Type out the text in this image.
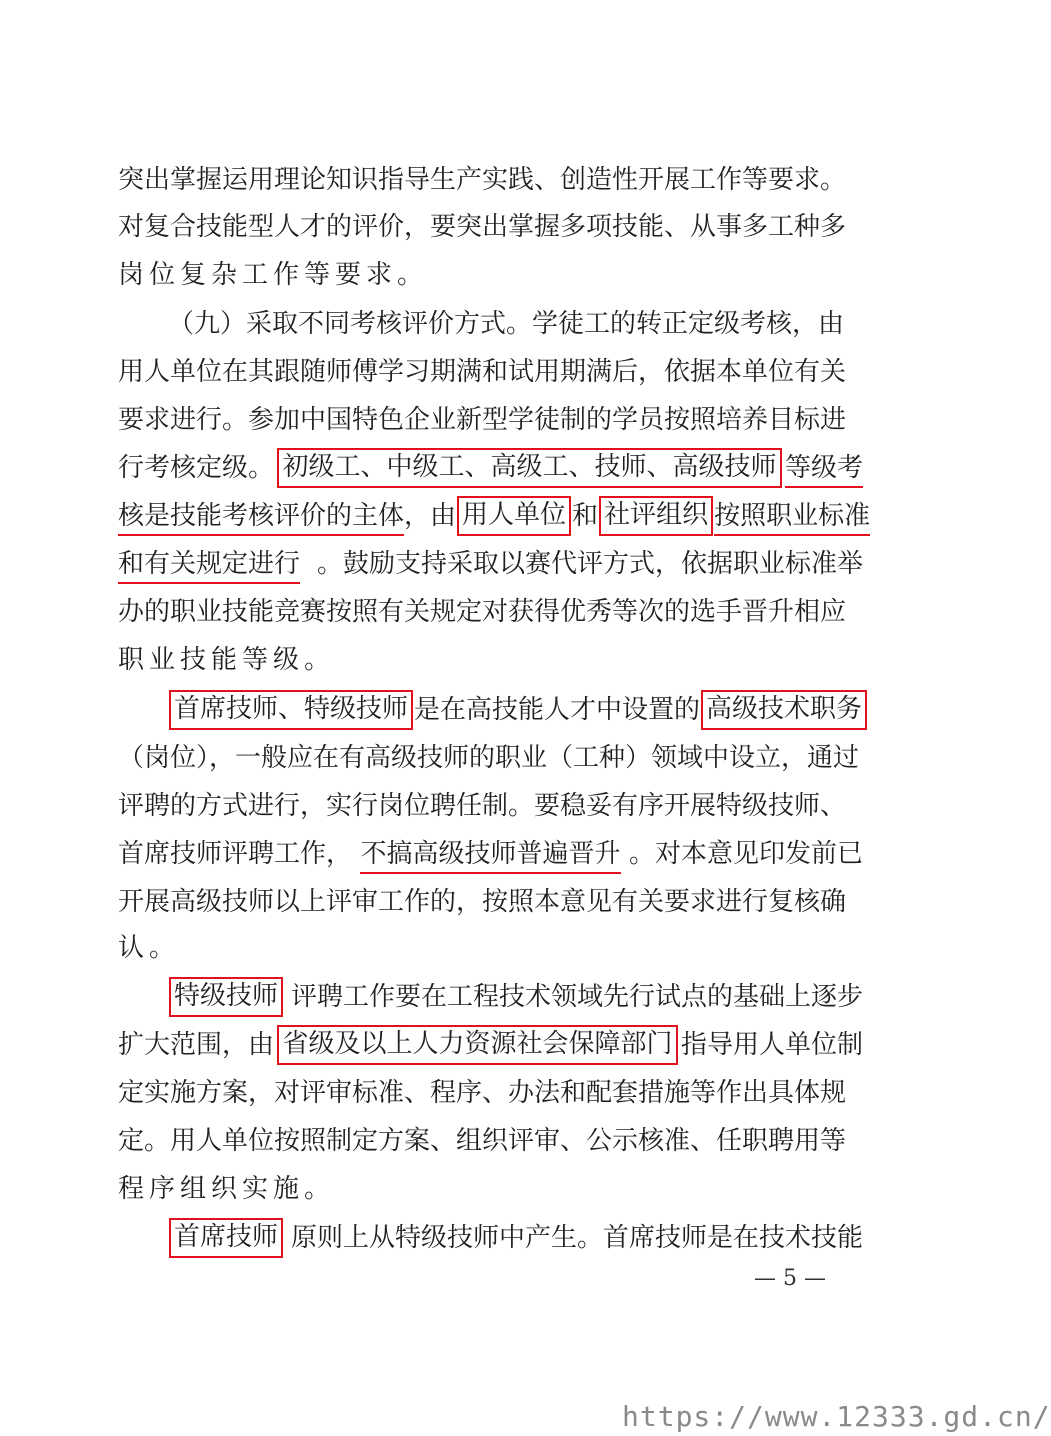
突出掌握运用理论知识指导生产实践、创造性开展工作等要求。
对复合技能型人才的评价，要突出掌握多项技能、从事多工种多
岗位复杂工作等要求。
（九）采取不同考核评价方式。学徒工的转正定级考核，由
用人单位在其跟随师傅学习期满和试用期满后，依据本单位有关
要求进行。参加中国特色企业新型学徒制的学员按照培养目标进
行考核定级。 初级工、中级工、高级工、技师、高级技师 等级考
核是技能考核评价的主体 ，由 用人单位 和 社评组织 按照职业标准
和有关规定进行 。鼓励支持采取以赛代评方式，依据职业标准举
办的职业技能竞赛按照有关规定对获得优秀等次的选手晋升相应
职业技能等级。
首席技师、特级技师 是在高技能人才中设置的 高级技术职务
（岗位），一般应在有高级技师的职业（工种）领域中设立，通过
评聘的方式进行，实行岗位聘任制。要稳妥有序开展特级技师、
首席技师评聘工作， 不搞高级技师普遍晋升 。对本意见印发前已
开展高级技师以上评审工作的，按照本意见有关要求进行复核确
认。
特级技师 评聘工作要在工程技术领域先行试点的基础上逐步
扩大范围，由 省级及以上人力资源社会保障部门 指导用人单位制
定实施方案，对评审标准、程序、办法和配套措施等作出具体规
定。用人单位按照制定方案、组织评审、公示核准、任职聘用等
程序组织实施。
首席技师 原则上从特级技师中产生。首席技师是在技术技能
— 5 —
https://www.12333.gd.cn/
